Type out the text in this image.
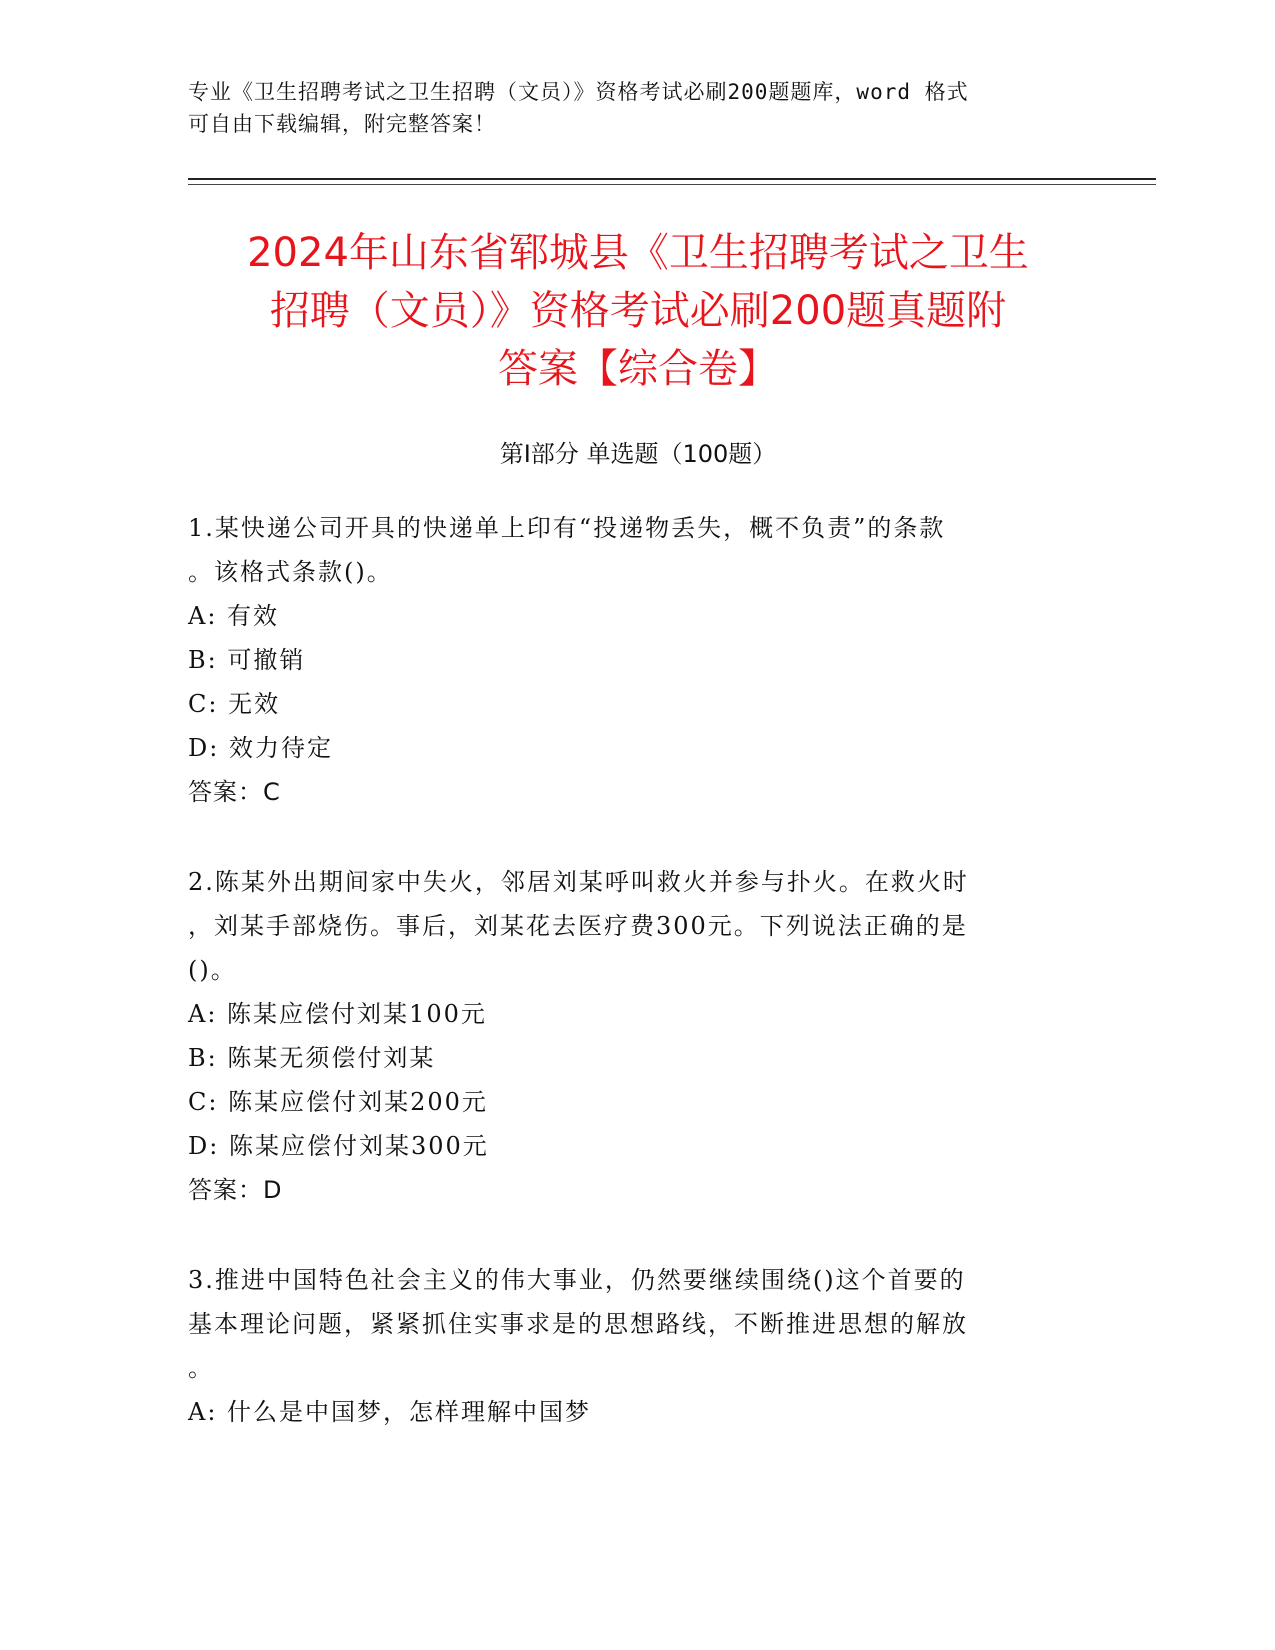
专业《卫生招聘考试之卫生招聘（文员）》资格考试必刷200题题库，word 格式
可自由下载编辑，附完整答案！
2024年山东省郓城县《卫生招聘考试之卫生
招聘（文员）》资格考试必刷200题真题附
答案【综合卷】
第Ⅰ部分 单选题（100题）
1.某快递公司开具的快递单上印有“投递物丢失，概不负责”的条款
。该格式条款()。
A: 有效
B: 可撤销
C: 无效
D: 效力待定
答案：C
2.陈某外出期间家中失火，邻居刘某呼叫救火并参与扑火。在救火时
，刘某手部烧伤。事后，刘某花去医疗费300元。下列说法正确的是
()。
A: 陈某应偿付刘某100元
B: 陈某无须偿付刘某
C: 陈某应偿付刘某200元
D: 陈某应偿付刘某300元
答案：D
3.推进中国特色社会主义的伟大事业，仍然要继续围绕()这个首要的
基本理论问题，紧紧抓住实事求是的思想路线，不断推进思想的解放
。
A: 什么是中国梦，怎样理解中国梦
